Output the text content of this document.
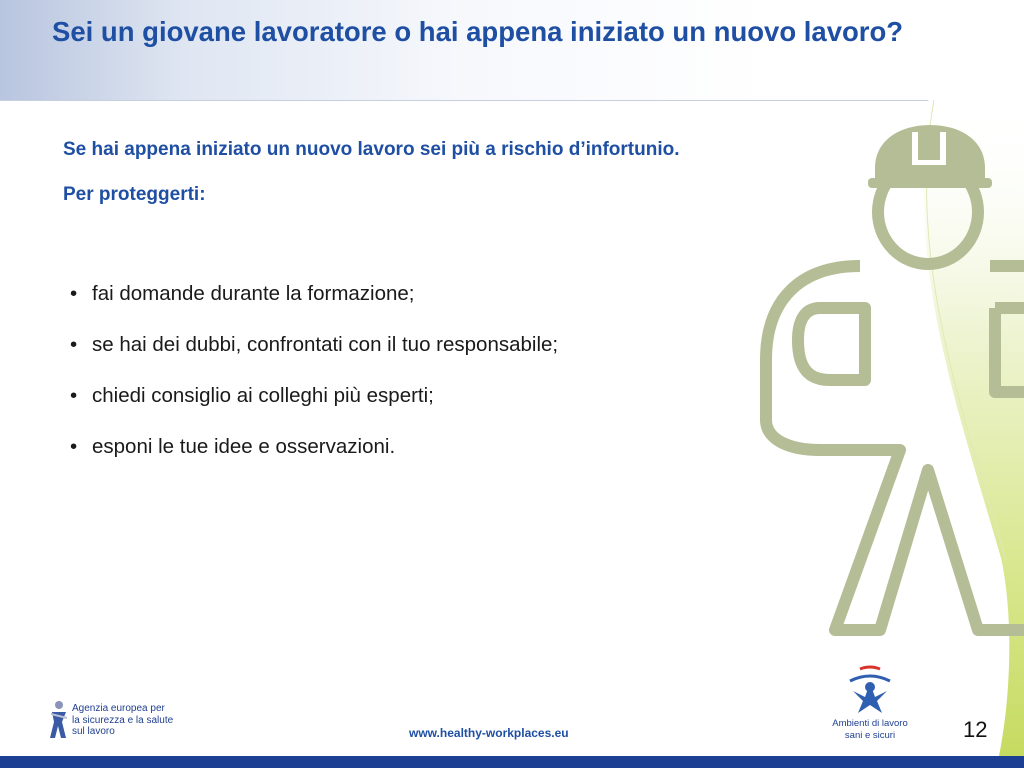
Sei un giovane lavoratore o hai appena iniziato un nuovo lavoro?

Se hai appena iniziato un nuovo lavoro sei più a rischio d’infortunio.

Per proteggerti:

• fai domande durante la formazione;
• se hai dei dubbi, confrontati con il tuo responsabile;
• chiedi consiglio ai colleghi più esperti;
• esponi le tue idee e osservazioni.
Agenzia europea per
la sicurezza e la salute
sul lavoro	www.healthy-workplaces.eu
Ambienti di lavoro
sani e sicuri	12
